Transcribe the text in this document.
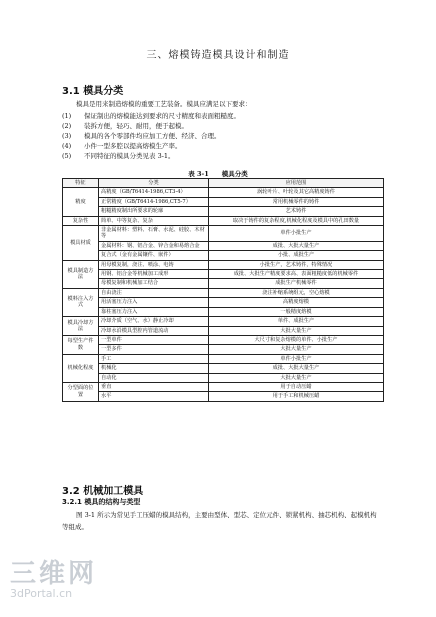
三、熔模铸造模具设计和制造
3.1 模具分类
模具是用来制造熔模的重要工艺装备。模具应满足以下要求：
(1)	保证制出的熔模能达到要求的尺寸精度和表面粗糙度。
(2)	装拆方便，轻巧、耐用，便于起模。
(3)	模具的各个零部件均应加工方便、经济、合理。
(4)	小件一型多腔以提高熔模生产率。
(5)	不同特征的模具分类见表 3-1。
表 3-1　　模具分类
特征	分类	应用范围
精度	高精度（GB/T6414-1986,CT3-4）	涡轮叶片、叶轮及其它高精度铸件
	正常精度（GB/T6414-1986,CT5-7）	常用机械零件的铸件
	粗糙精度制出所要求的轮廓	艺术铸件
复杂性	简单、中等复杂、复杂	取决于铸件的复杂程度,机械化程度及模具中的孔田数量
模具材质	非金属材料：塑料、石膏、水泥、硅胶、木材等	单件小批生产
	金属材料：钢、铝合金、锌合金和易熔合金	成批、大批大量生产
	复合式（金有金属镶件、嵌件）	小批、成批生产
模具制造方法	用母模复制，浇注、喷涂、电铸	小批生产，艺术铸件，特殊情况
	用钢、铝合金等机械加工成形	成批、大批生产精度要求高、表面粗糙度低的机械零件
	母模复制和机械加工结合	成批生产机械零件
模料注入方式	自由浇注	浇注补缩系统组元，空心熔模
	用活塞压力注入	高精度熔模
	靠柱塞压力注入	一般精度熔模
模具冷却方法	冷却介质（空气、水）静止冷却	单件、成批生产
	冷却水沿模具型腔内管道流动	大批大量生产
每型生产件数	一型单件	大尺寸和复杂熔模的单件、小批生产
	一型多件	大批大量生产
机械化程度	手工	单件小批生产
	机械化	成批、大批大量生产
	自动化	大批大量生产
分型面的位置	垂直	用于自动压蜡
	水平	用于手工和机械压蜡
3.2 机械加工模具
3.2.1 模具的结构与类型
图 3-1 所示为常见手工压蜡的模具结构，主要由型体、型芯、定位元件、锁紧机构、抽芯机构、起模机构等组成。
三维网
3dPortal.cn
